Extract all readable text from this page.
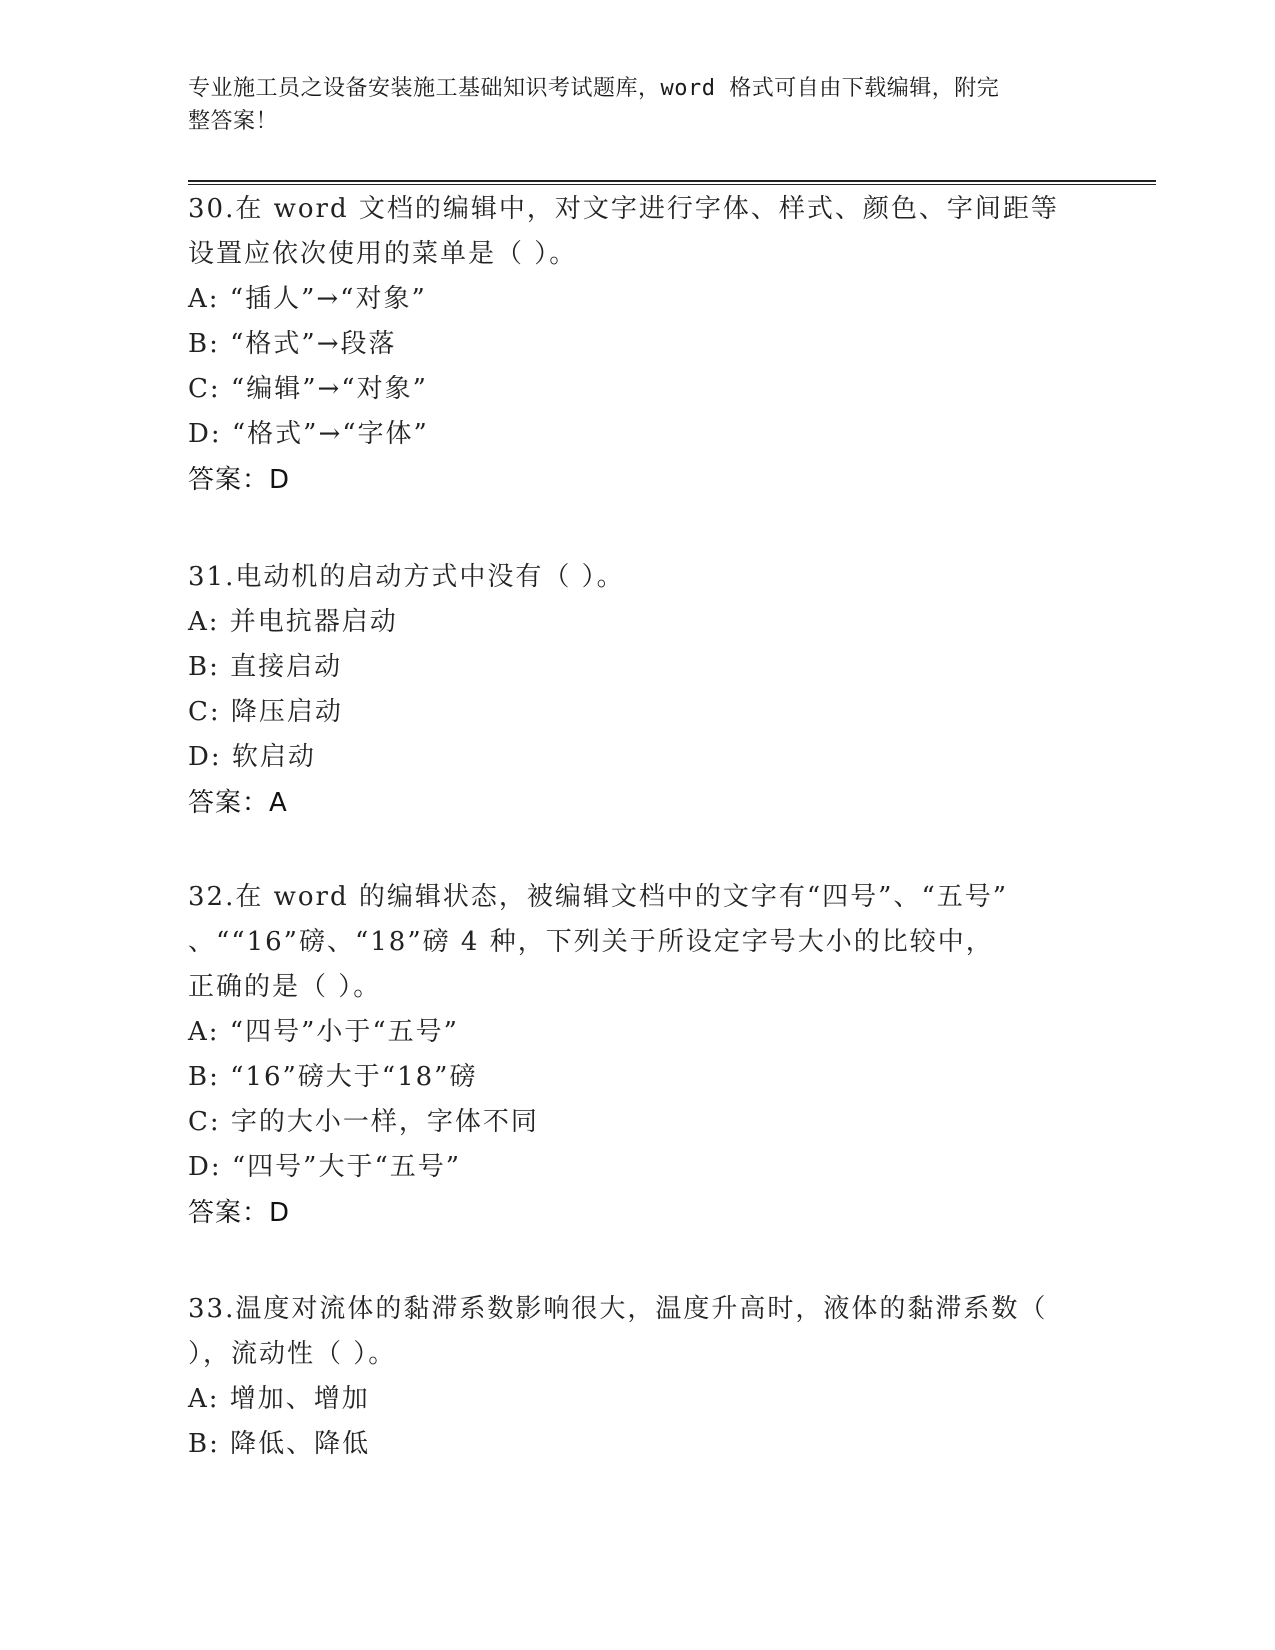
专业施工员之设备安装施工基础知识考试题库，word 格式可自由下载编辑，附完
整答案！
30.在 word 文档的编辑中，对文字进行字体、样式、颜色、字间距等
设置应依次使用的菜单是（ ）。
A: “插人”→“对象”
B: “格式”→段落
C: “编辑”→“对象”
D: “格式”→“字体”
答案：D
31.电动机的启动方式中没有（ ）。
A: 并电抗器启动
B: 直接启动
C: 降压启动
D: 软启动
答案：A
32.在 word 的编辑状态，被编辑文档中的文字有“四号”、“五号”
、““16”磅、“18”磅 4 种，下列关于所设定字号大小的比较中，
正确的是（ ）。
A: “四号”小于“五号”
B: “16”磅大于“18”磅
C: 字的大小一样，字体不同
D: “四号”大于“五号”
答案：D
33.温度对流体的黏滞系数影响很大，温度升高时，液体的黏滞系数（
），流动性（ ）。
A: 增加、增加
B: 降低、降低
